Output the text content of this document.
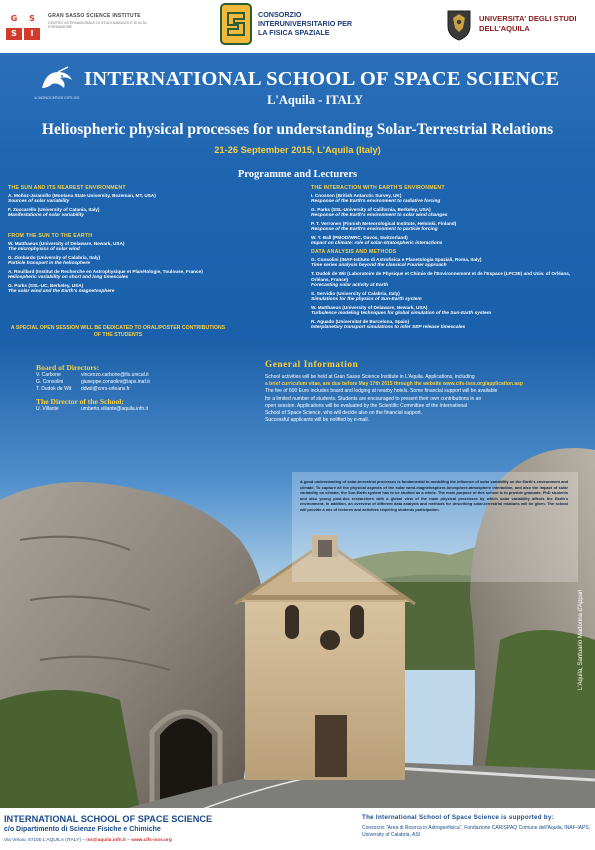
G	S
S	I
GRAN SASSO SCIENCE INSTITUTE
CENTRO INTERNAZIONALE DI STUDI AVANZATI E DI ALTA FORMAZIONE
CONSORZIO INTERUNIVERSITARIO PER LA FISICA SPAZIALE
UNIVERSITA' DEGLI STUDI DELL'AQUILA
IL MONOCEROS CIFS ISS
INTERNATIONAL SCHOOL OF SPACE SCIENCE
L'Aquila - ITALY
Heliospheric physical processes for understanding Solar-Terrestrial Relations
21-26 September 2015, L'Aquila (Italy)
Programme and Lecturers
THE SUN AND ITS NEAREST ENVIRONMENT
A. Moñoz-Jaramillo (Montana State University, Bozeman, MT, USA)
Sources of solar variability
F. Zuccarello (University of Catania, Italy)
Manifestations of solar variability
FROM THE SUN TO THE EARTH
W. Matthaeus (University of Delaware, Newark, USA)
The microphysics of solar wind
G. Zimbardo (University of Calabria, Italy)
Particle transport in the heliosphere
A. Rouillard (Institut de Recherche en Astrophysique et Planétologie, Toulouse, France)
Heliospheric variability on short and long timescales
G. Parks (SSL-UC, Berkeley, USA)
The solar wind and the Earth's magnetosphere
THE INTERACTION WITH EARTH'S ENVIRONMENT
I. Cnossen (British Antarctic Survey, UK)
Response of the Earth's environment to radiative forcing
G. Parks (SSL-University of California, Berkeley, USA)
Response of the Earth's environment to solar wind changes
P. T. Verronen (Finnish Meteorological Institute, Helsinki, Finland)
Response of the Earth's environment to particle forcing
W. T. Ball (PMOD/WRC, Davos, Switzerland)
Impact on climate: role of solar-stratospheric interactions
DATA ANALYSIS AND METHODS
G. Consolini (INAF-Istituto di Astrofisica e Planetologia Spaziali, Roma, Italy)
Time series analysis beyond the classical Fourier approach
T. Dudok de Wit (Laboratoire de Physique et Chimie de l'Environnement et de l'Espace (LPC2E) and Univ. of Orléans, Orléans, France)
Forecasting solar activity at Earth
S. Servidio (University of Calabria, Italy)
Simulations for the physics of Sun-Earth system
W. Matthaeus (University of Delaware, Newark, USA)
Turbulence modeling techniques for global simulation of the Sun-Earth system
R. Aguado (Universitat de Barcelona, Spain)
Interplanetary transport simulations to infer SEP release timescales
A SPECIAL OPEN SESSION WILL BE DEDICATED TO ORAL/POSTER CONTRIBUTIONS OF THE STUDENTS
Board of Directors:
V. Carbone	vincenzo.carbone@fis.unical.it
G. Consolini	giuseppe.consolini@iaps.inaf.it
T. Dudok de Wit ddwit@cnrs-orleans.fr
The Director of the School:
U. Villante	umberto.villante@aquila.infn.it
General Information
School activities will be held at Gran Sasso Science Institute in L'Aquila. Applications, including
a brief curriculum vitae, are due before May 17th 2015 through the website www.cifs-isss.org/application.asp
The fee of 600 Euro includes board and lodging at nearby hotels. Some financial support will be available
for a limited number of students. Students are encouraged to present their own contributions in an
open session. Applications will be evaluated by the Scientific Committee of the International
School of Space Science, who will decide also on the financial support.
Successful applicants will be notified by e-mail.
A good understanding of solar-terrestrial processes is fundamental to modelling the influence of solar variability on the Earth's environment and climate. To capture all the physical aspects of the solar wind-magnetosphere-ionosphere-atmosphere interaction, and also the impact of solar variability on climate, the Sun-Earth system has to be studied as a whole. The main purpose of this school is to provide graduate, PhD students and also young post-doc researchers with a global view of the main physical processes by which solar variability affects the Earth's environment. In addition, an overview of different data analysis and methods for describing solar-terrestrial relations will be given. The school will provide a mix of lectures and activities requiring students participation.
L'Aquila, Santuario Madonna d'Appari
INTERNATIONAL SCHOOL OF SPACE SCIENCE
c/o Dipartimento di Scienze Fisiche e Chimiche
Via Vetoio, 67100 L'AQUILA (ITALY) – iss@aquila.infn.it – www.cifs-isss.org
The International School of Space Science is supported by:
Consorzio "Area di Ricerca in Astrogeofisica", Fondazione CARISPAQ Comune dell'Aquila, INAF-IAPS, University of Calabria, ASI
